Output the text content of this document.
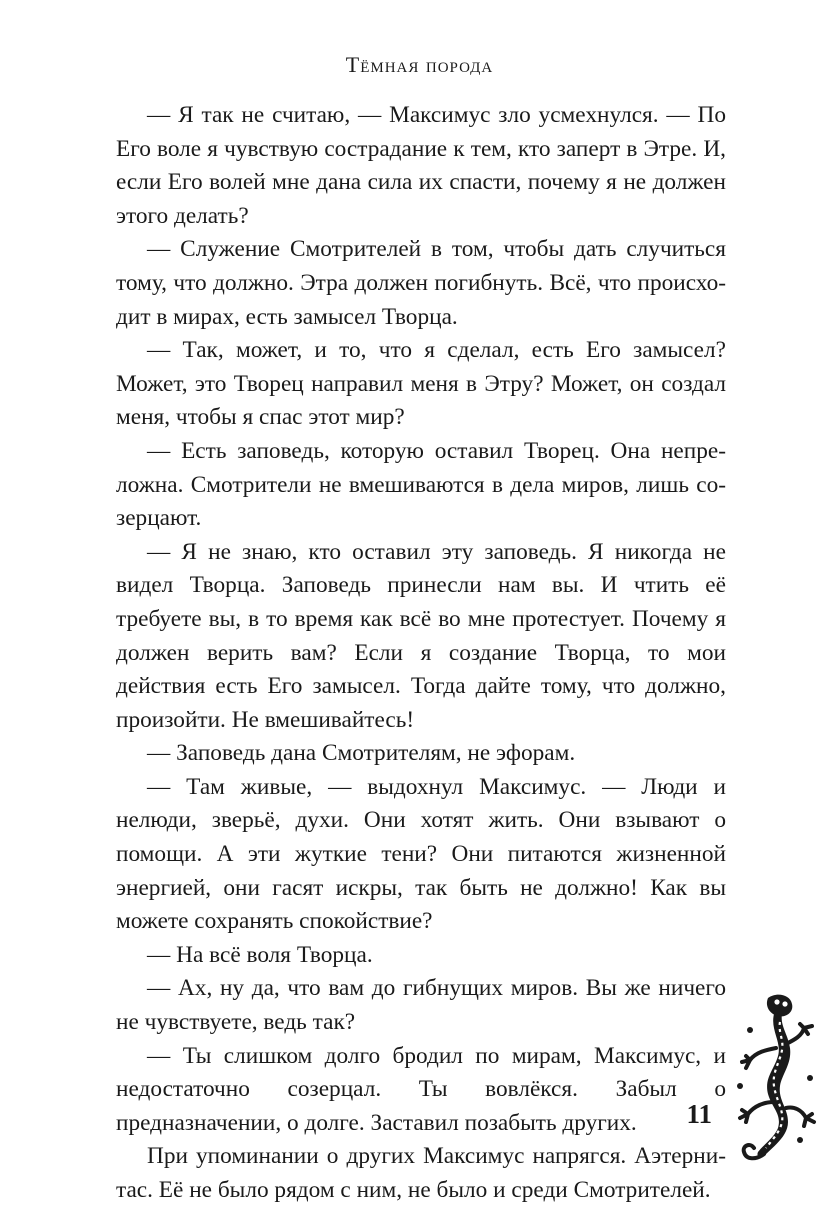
Тёмная порода

— Я так не считаю, — Максимус зло усмехнулся. — По Его воле я чувствую сострадание к тем, кто заперт в Этре. И, если Его волей мне дана сила их спасти, почему я не должен этого делать?

— Служение Смотрителей в том, чтобы дать случиться тому, что должно. Этра должен погибнуть. Всё, что происходит в мирах, есть замысел Творца.

— Так, может, и то, что я сделал, есть Его замысел? Может, это Творец направил меня в Этру? Может, он создал меня, чтобы я спас этот мир?

— Есть заповедь, которую оставил Творец. Она непреложна. Смотрители не вмешиваются в дела миров, лишь созерцают.

— Я не знаю, кто оставил эту заповедь. Я никогда не видел Творца. Заповедь принесли нам вы. И чтить её требуете вы, в то время как всё во мне протестует. Почему я должен верить вам? Если я создание Творца, то мои действия есть Его замысел. Тогда дайте тому, что должно, произойти. Не вмешивайтесь!

— Заповедь дана Смотрителям, не эфорам.

— Там живые, — выдохнул Максимус. — Люди и нелюди, зверьё, духи. Они хотят жить. Они взывают о помощи. А эти жуткие тени? Они питаются жизненной энергией, они гасят искры, так быть не должно! Как вы можете сохранять спокойствие?

— На всё воля Творца.

— Ах, ну да, что вам до гибнущих миров. Вы же ничего не чувствуете, ведь так?

— Ты слишком долго бродил по мирам, Максимус, и недостаточно созерцал. Ты вовлёкся. Забыл о предназначении, о долге. Заставил позабыть других.

При упоминании о других Максимус напрягся. Аэтернитас. Её не было рядом с ним, не было и среди Смотрителей.

11
